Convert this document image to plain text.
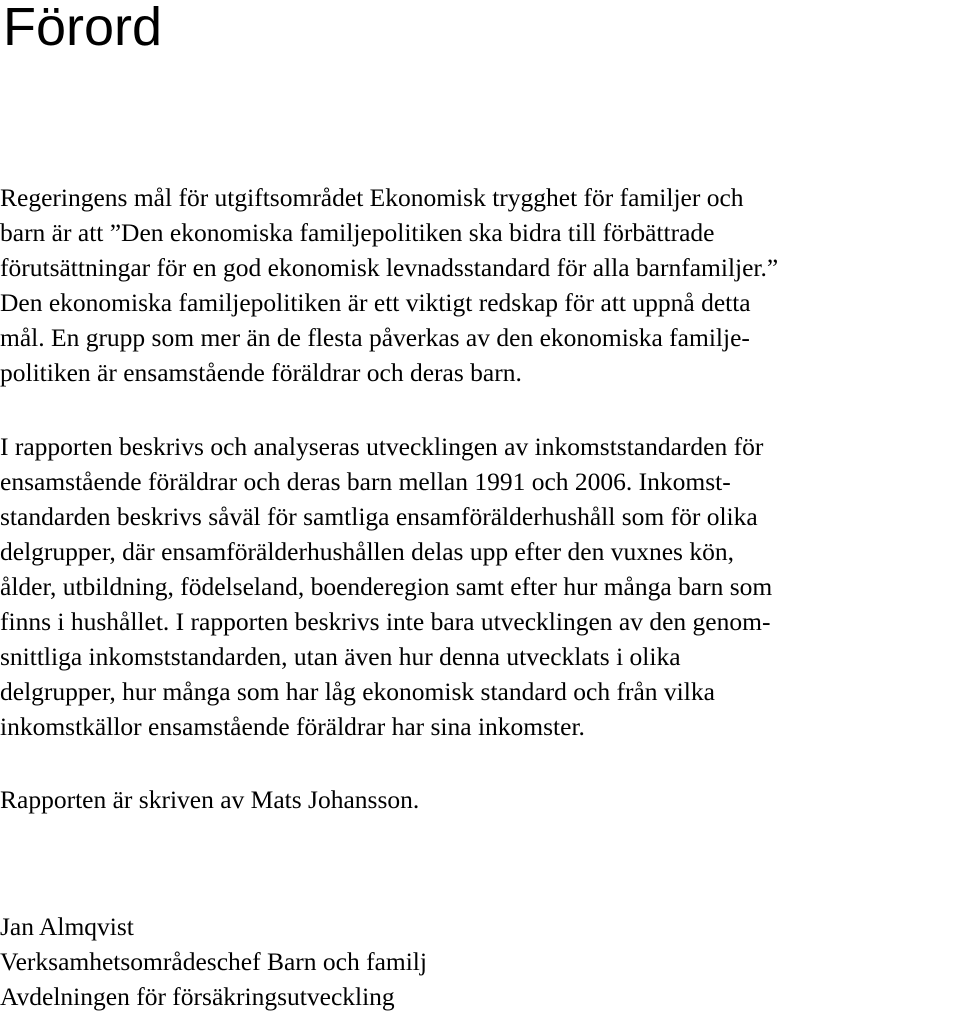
Förord

Regeringens mål för utgiftsområdet Ekonomisk trygghet för familjer och
barn är att ”Den ekonomiska familjepolitiken ska bidra till förbättrade
förutsättningar för en god ekonomisk levnadsstandard för alla barnfamiljer.”
Den ekonomiska familjepolitiken är ett viktigt redskap för att uppnå detta
mål. En grupp som mer än de flesta påverkas av den ekonomiska familje-
politiken är ensamstående föräldrar och deras barn.

I rapporten beskrivs och analyseras utvecklingen av inkomststandarden för
ensamstående föräldrar och deras barn mellan 1991 och 2006. Inkomst-
standarden beskrivs såväl för samtliga ensamförälderhushåll som för olika
delgrupper, där ensamförälderhushållen delas upp efter den vuxnes kön,
ålder, utbildning, födelseland, boenderegion samt efter hur många barn som
finns i hushållet. I rapporten beskrivs inte bara utvecklingen av den genom-
snittliga inkomststandarden, utan även hur denna utvecklats i olika
delgrupper, hur många som har låg ekonomisk standard och från vilka
inkomstkällor ensamstående föräldrar har sina inkomster.

Rapporten är skriven av Mats Johansson.

Jan Almqvist
Verksamhetsområdeschef Barn och familj
Avdelningen för försäkringsutveckling
